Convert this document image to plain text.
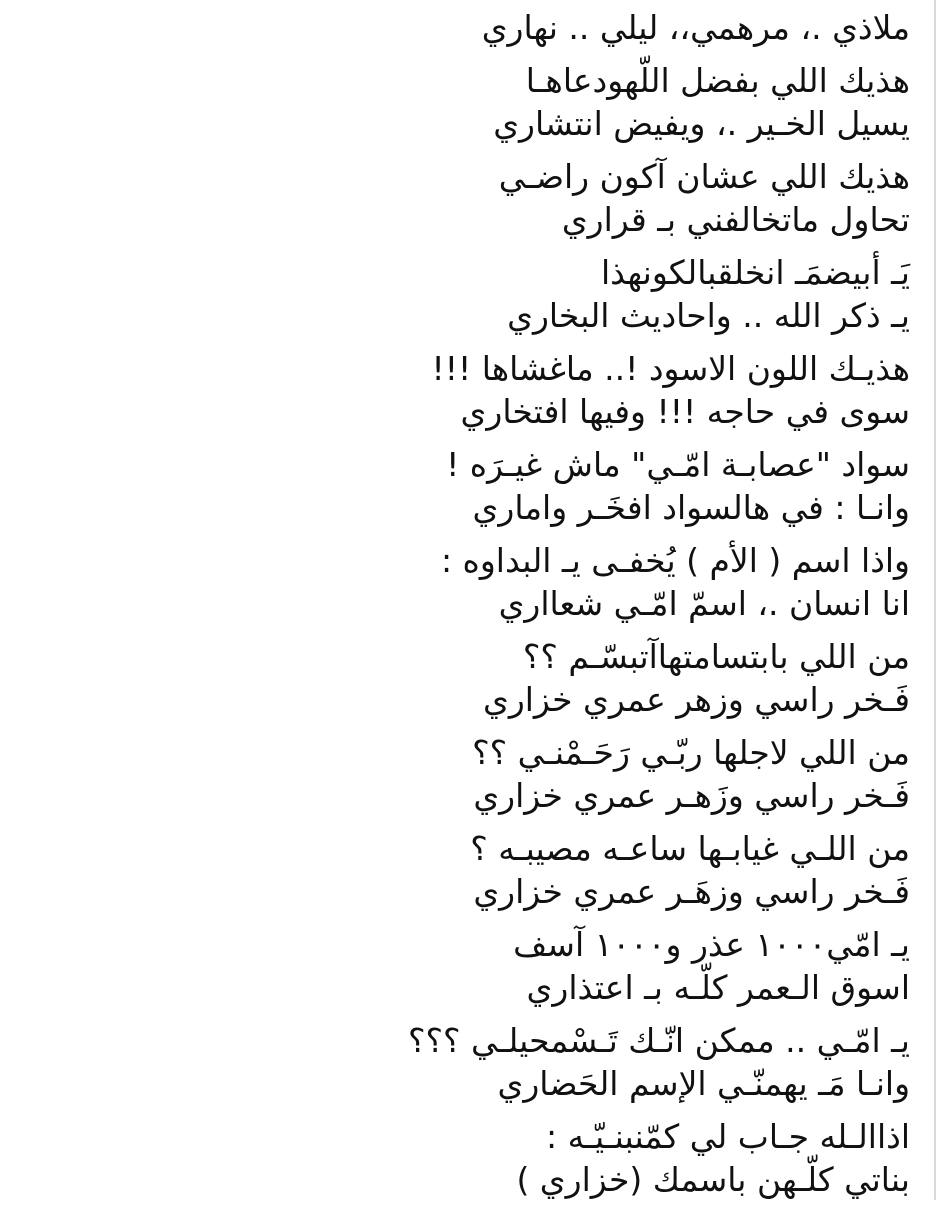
ملاذي .، مرهمي،، ليلي .. نهاري
هذيك اللي بفضل اللّهودعاهـا
يسيل الخـير .، ويفيض انتشاري
هذيك اللي عشان آكون راضـي
تحاول ماتخالفني بـ قراري
يَـ أبيضمَـ انخلقبالكونهذا
يـ ذكر الله .. واحاديث البخاري
هذيـك اللون الاسود !.. ماغشاها !!!
سوى في حاجه !!! وفيها افتخاري
سواد "عصابـة امّـي" ماش غيـرَه !
وانـا : في هالسواد افخَـر واماري
واذا اسم ( الأم ) يُخفـى يـ البداوه :
انا انسان .، اسمّ امّـي شعااري
من اللي بابتسامتهاآتبسّـم ؟؟
فَـخر راسي وزهر عمري خزاري
من اللي لاجلها ربّـي رَحَـمْنـي ؟؟
فَـخر راسي وزَهـر عمري خزاري
من اللـي غيابـها ساعـه مصيبـه ؟
فَـخر راسي وزهَـر عمري خزاري
يـ امّي١٠٠٠ عذر و١٠٠٠ آسف
اسوق الـعمر كلّـه بـ اعتذاري
يـ امّـي .. ممكن انّـك تَـسْمحيلـي ؟؟؟
وانـا مَـ يهمنّـي الإسم الحَضاري
اذاالـله جـاب لي كمّنبنـيّـه :
بناتي كلّـهن باسمك (خزاري )
